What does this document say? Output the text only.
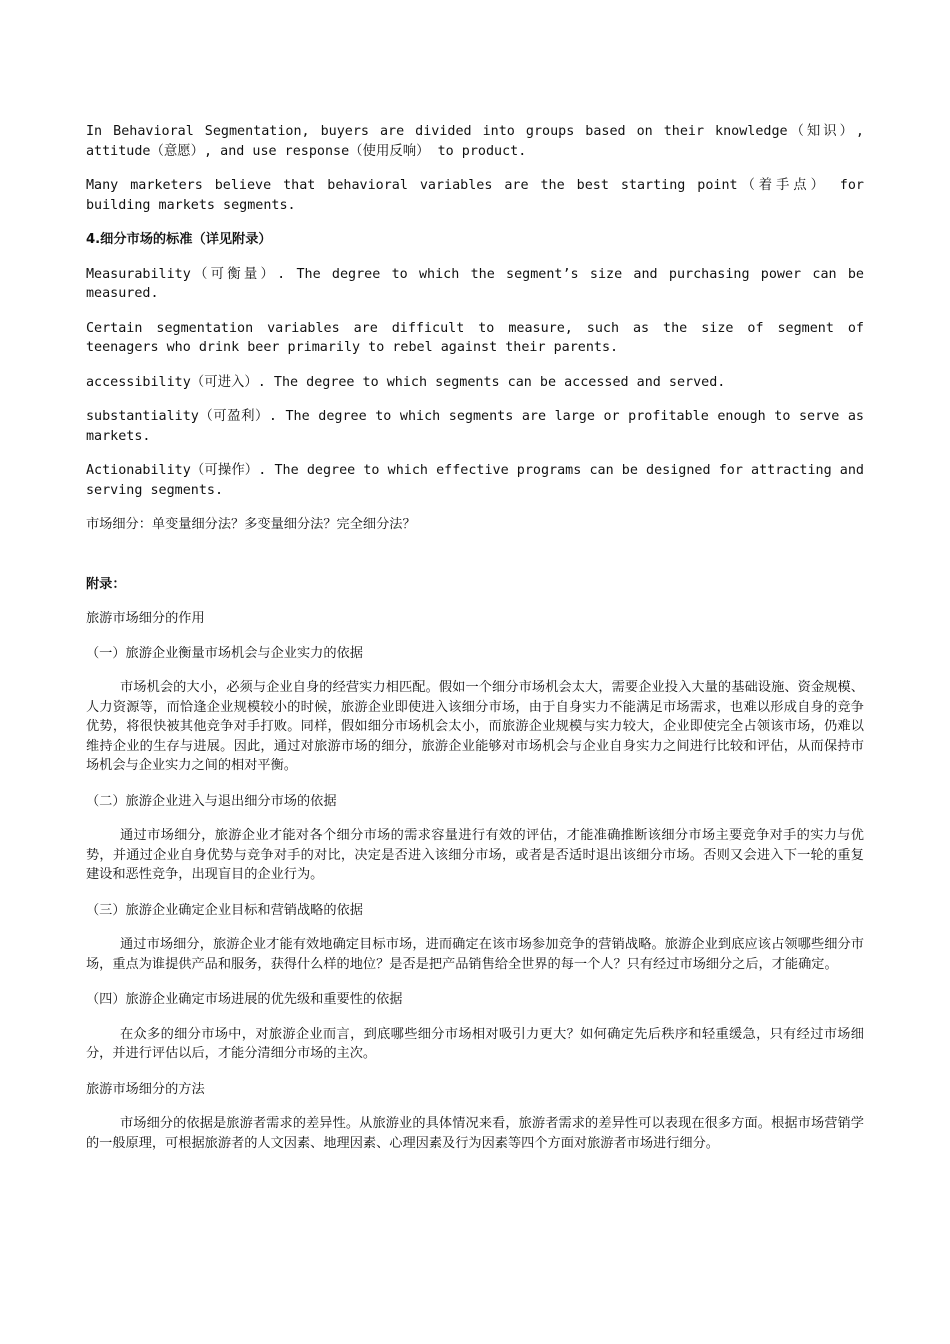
In Behavioral Segmentation, buyers are divided into groups based on their knowledge（知识）, attitude（意愿）, and use response（使用反响） to product.

Many marketers believe that behavioral variables are the best starting point（着手点） for building markets segments.

4.细分市场的标准（详见附录）

Measurability（可衡量）. The degree to which the segment’s size and purchasing power can be measured.

Certain segmentation variables are difficult to measure, such as the size of segment of teenagers who drink beer primarily to rebel against their parents.

accessibility（可进入）. The degree to which segments can be accessed and served.

substantiality（可盈利）. The degree to which segments are large or profitable enough to serve as markets.

Actionability（可操作）. The degree to which effective programs can be designed for attracting and serving segments.

市场细分：单变量细分法？多变量细分法？完全细分法？

附录：

旅游市场细分的作用

（一）旅游企业衡量市场机会与企业实力的依据

市场机会的大小，必须与企业自身的经营实力相匹配。假如一个细分市场机会太大，需要企业投入大量的基础设施、资金规模、人力资源等，而恰逢企业规模较小的时候，旅游企业即使进入该细分市场，由于自身实力不能满足市场需求，也难以形成自身的竞争优势，将很快被其他竞争对手打败。同样，假如细分市场机会太小，而旅游企业规模与实力较大，企业即使完全占领该市场，仍难以维持企业的生存与进展。因此，通过对旅游市场的细分，旅游企业能够对市场机会与企业自身实力之间进行比较和评估，从而保持市场机会与企业实力之间的相对平衡。

（二）旅游企业进入与退出细分市场的依据

通过市场细分，旅游企业才能对各个细分市场的需求容量进行有效的评估，才能准确推断该细分市场主要竞争对手的实力与优势，并通过企业自身优势与竞争对手的对比，决定是否进入该细分市场，或者是否适时退出该细分市场。否则又会进入下一轮的重复建设和恶性竞争，出现盲目的企业行为。

（三）旅游企业确定企业目标和营销战略的依据

通过市场细分，旅游企业才能有效地确定目标市场，进而确定在该市场参加竞争的营销战略。旅游企业到底应该占领哪些细分市场，重点为谁提供产品和服务，获得什么样的地位？是否是把产品销售给全世界的每一个人？只有经过市场细分之后，才能确定。

（四）旅游企业确定市场进展的优先级和重要性的依据

在众多的细分市场中，对旅游企业而言，到底哪些细分市场相对吸引力更大？如何确定先后秩序和轻重缓急，只有经过市场细分，并进行评估以后，才能分清细分市场的主次。

旅游市场细分的方法

市场细分的依据是旅游者需求的差异性。从旅游业的具体情况来看，旅游者需求的差异性可以表现在很多方面。根据市场营销学的一般原理，可根据旅游者的人文因素、地理因素、心理因素及行为因素等四个方面对旅游者市场进行细分。
